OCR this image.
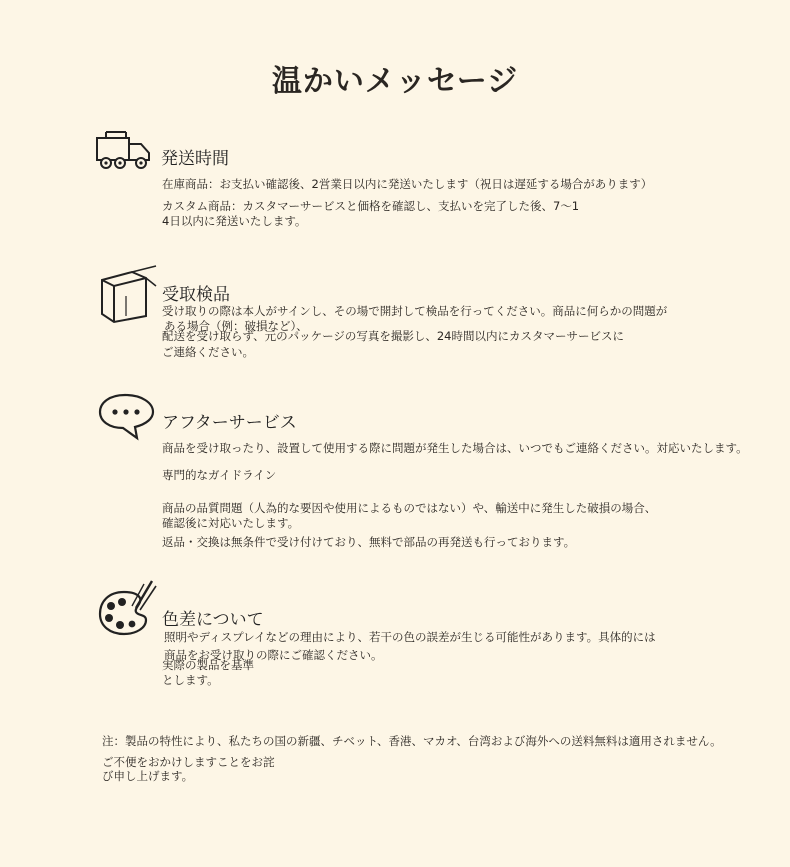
温かいメッセージ
発送時間
在庫商品：お支払い確認後、2営業日以内に発送いたします（祝日は遅延する場合があります）
カスタム商品：カスタマーサービスと価格を確認し、支払いを完了した後、7〜1
4日以内に発送いたします。
受取検品
受け取りの際は本人がサインし、その場で開封して検品を行ってください。商品に何らかの問題が
ある場合（例：破損など）、
配送を受け取らず、元のパッケージの写真を撮影し、24時間以内にカスタマーサービスに
ご連絡ください。
アフターサービス
商品を受け取ったり、設置して使用する際に問題が発生した場合は、いつでもご連絡ください。対応いたします。
専門的なガイドライン
商品の品質問題（人為的な要因や使用によるものではない）や、輸送中に発生した破損の場合、
確認後に対応いたします。
返品・交換は無条件で受け付けており、無料で部品の再発送も行っております。
色差について
照明やディスプレイなどの理由により、若干の色の誤差が生じる可能性があります。具体的には
商品をお受け取りの際にご確認ください。
実際の製品を基準
とします。
注：製品の特性により、私たちの国の新疆、チベット、香港、マカオ、台湾および海外への送料無料は適用されません。
ご不便をおかけしますことをお詫
び申し上げます。
